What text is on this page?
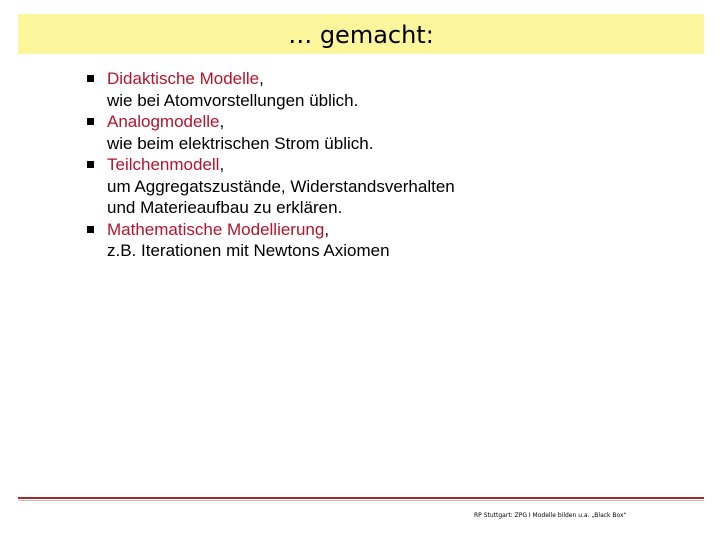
… gemacht:
Didaktische Modelle,
wie bei Atomvorstellungen üblich.
Analogmodelle,
wie beim elektrischen Strom üblich.
Teilchenmodell,
um Aggregatszustände, Widerstandsverhalten
und Materieaufbau zu erklären.
Mathematische Modellierung,
z.B. Iterationen mit Newtons Axiomen
RP Stuttgart: ZPG I Modelle bilden u.a. „Black Box“
